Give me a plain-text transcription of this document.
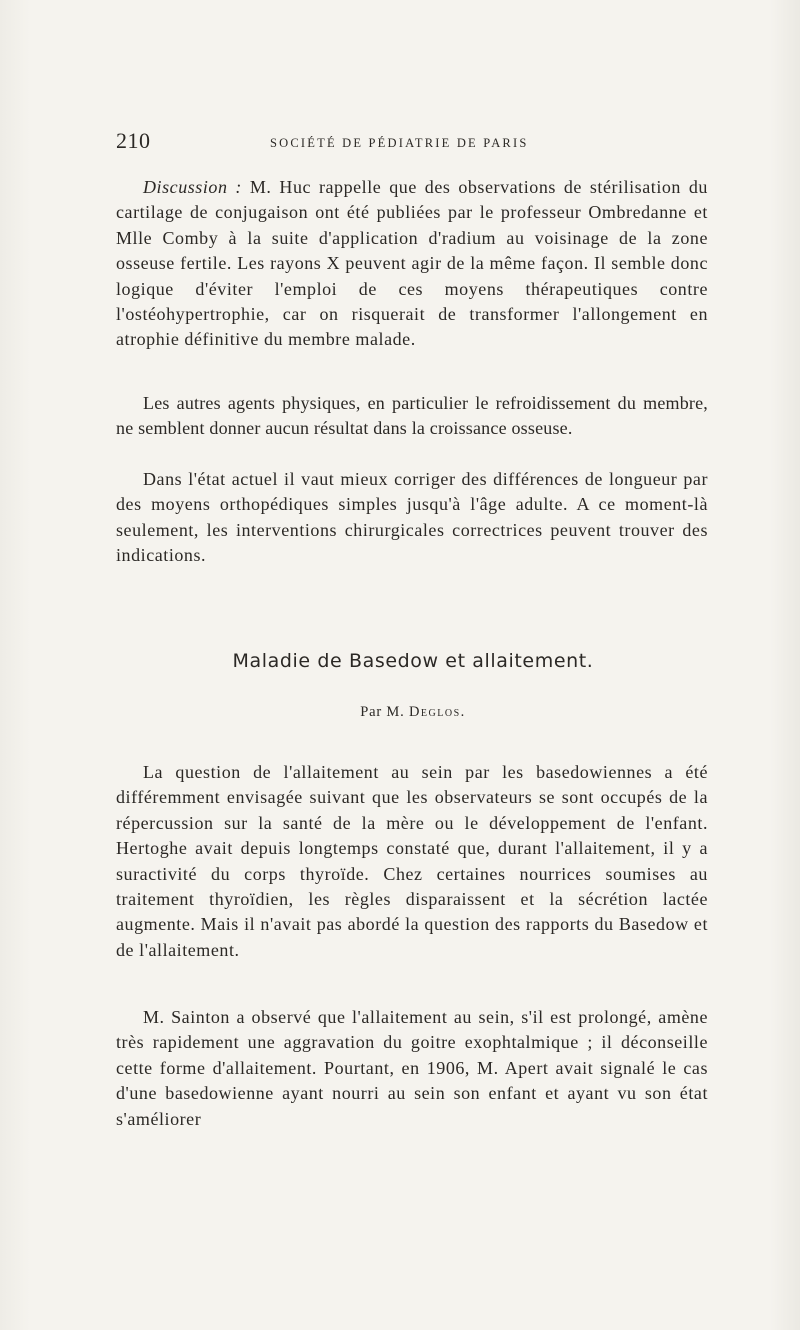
210	SOCIÉTÉ DE PÉDIATRIE DE PARIS

Discussion : M. Huc rappelle que des observations de stérilisation du cartilage de conjugaison ont été publiées par le professeur Ombredanne et Mlle Comby à la suite d'application d'radium au voisinage de la zone osseuse fertile. Les rayons X peuvent agir de la même façon. Il semble donc logique d'éviter l'emploi de ces moyens thérapeutiques contre l'ostéohypertrophie, car on risquerait de transformer l'allongement en atrophie définitive du membre malade.

Les autres agents physiques, en particulier le refroidissement du membre, ne semblent donner aucun résultat dans la croissance osseuse.

Dans l'état actuel il vaut mieux corriger des différences de longueur par des moyens orthopédiques simples jusqu'à l'âge adulte. A ce moment-là seulement, les interventions chirurgicales correctrices peuvent trouver des indications.

Maladie de Basedow et allaitement.
Par M. Deglos.

La question de l'allaitement au sein par les basedowiennes a été différemment envisagée suivant que les observateurs se sont occupés de la répercussion sur la santé de la mère ou le développement de l'enfant. Hertoghe avait depuis longtemps constaté que, durant l'allaitement, il y a suractivité du corps thyroïde. Chez certaines nourrices soumises au traitement thyroïdien, les règles disparaissent et la sécrétion lactée augmente. Mais il n'avait pas abordé la question des rapports du Basedow et de l'allaitement.

M. Sainton a observé que l'allaitement au sein, s'il est prolongé, amène très rapidement une aggravation du goitre exophtalmique ; il déconseille cette forme d'allaitement. Pourtant, en 1906, M. Apert avait signalé le cas d'une basedowienne ayant nourri au sein son enfant et ayant vu son état s'améliorer
